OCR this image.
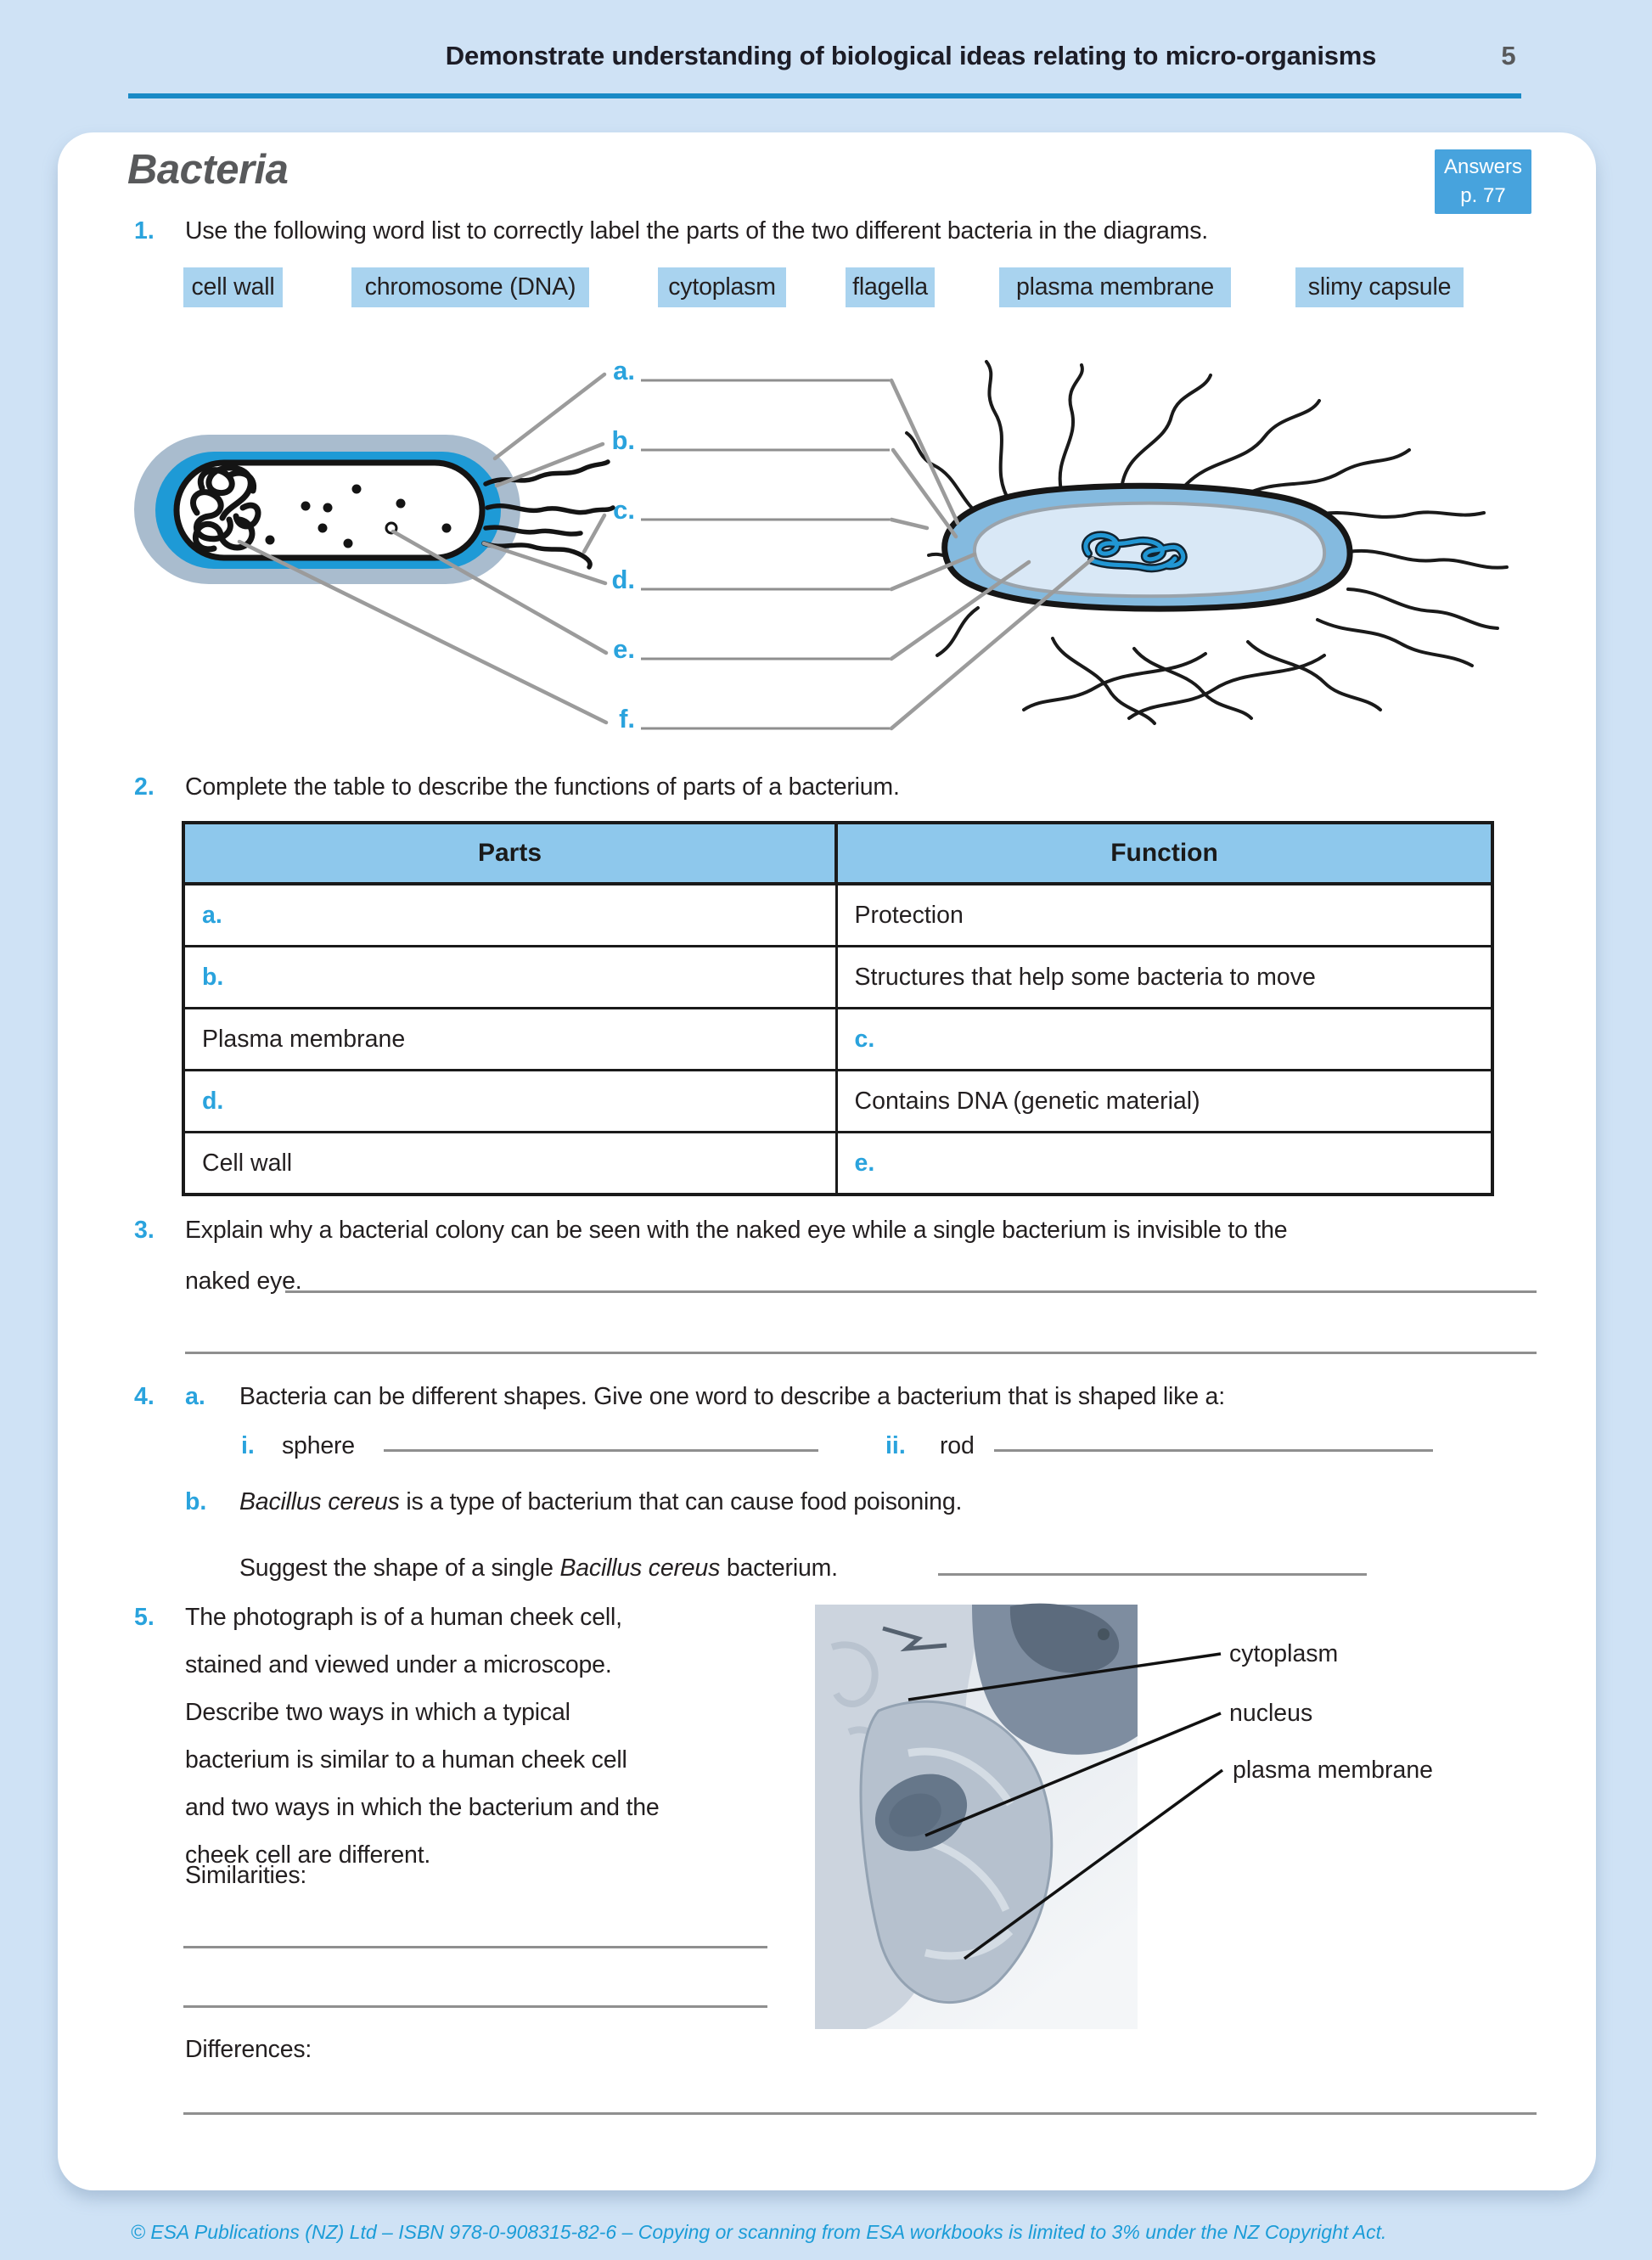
Demonstrate understanding of biological ideas relating to micro-organisms	5
Bacteria	Answers
p. 77
1. Use the following word list to correctly label the parts of the two different bacteria in the diagrams.
cell wall	chromosome (DNA)	cytoplasm	flagella	plasma membrane	slimy capsule
a.
b.
c.
d.
e.
f.
2. Complete the table to describe the functions of parts of a bacterium.
Parts	Function
a.	Protection
b.	Structures that help some bacteria to move
Plasma membrane	c.
d.	Contains DNA (genetic material)
Cell wall	e.
3. Explain why a bacterial colony can be seen with the naked eye while a single bacterium is invisible to the
naked eye.
4. a. Bacteria can be different shapes. Give one word to describe a bacterium that is shaped like a:
i. sphere	ii. rod
b. Bacillus cereus is a type of bacterium that can cause food poisoning.
Suggest the shape of a single Bacillus cereus bacterium.
5. The photograph is of a human cheek cell,
stained and viewed under a microscope.
Describe two ways in which a typical
bacterium is similar to a human cheek cell
and two ways in which the bacterium and the
cheek cell are different.
Similarities:
Differences:
cytoplasm
nucleus
plasma membrane
© ESA Publications (NZ) Ltd – ISBN 978-0-908315-82-6 – Copying or scanning from ESA workbooks is limited to 3% under the NZ Copyright Act.
